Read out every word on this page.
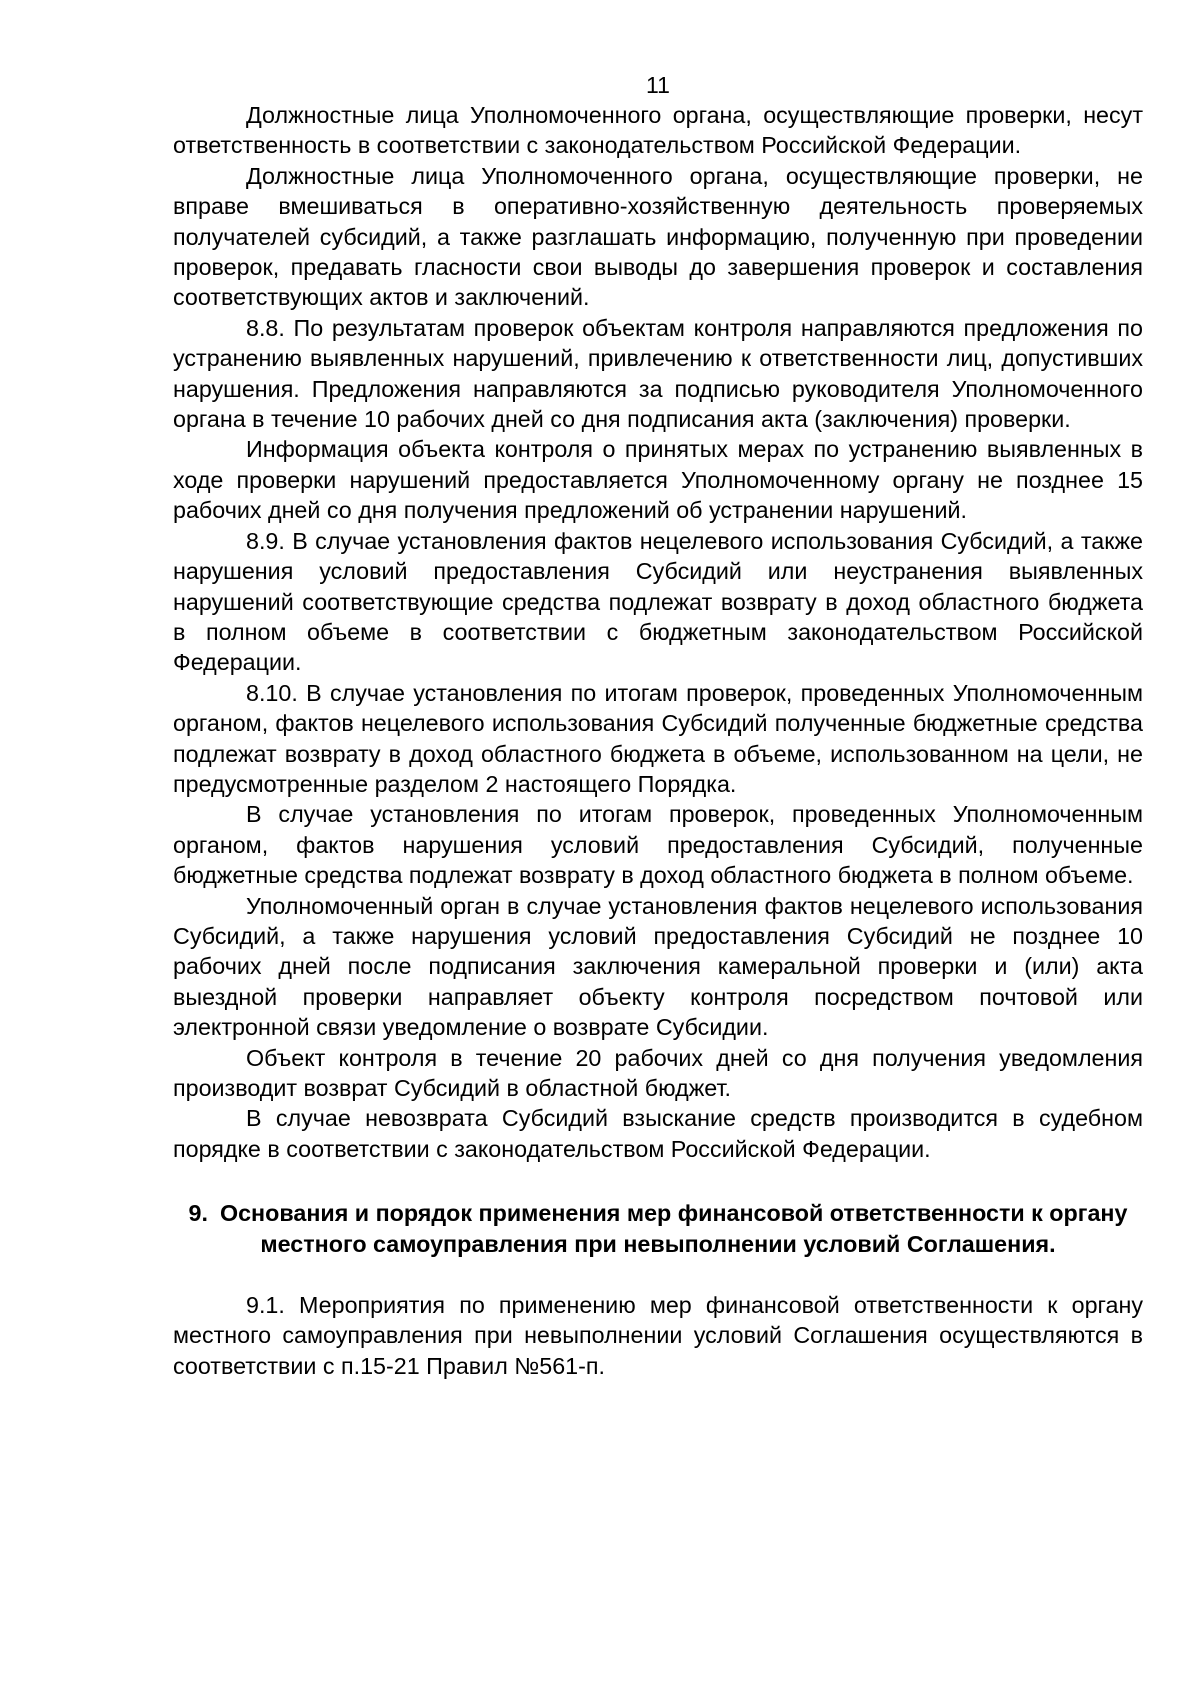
11

Должностные лица Уполномоченного органа, осуществляющие проверки, несут ответственность в соответствии с законодательством Российской Федерации.

Должностные лица Уполномоченного органа, осуществляющие проверки, не вправе вмешиваться в оперативно-хозяйственную деятельность проверяемых получателей субсидий, а также разглашать информацию, полученную при проведении проверок, предавать гласности свои выводы до завершения проверок и составления соответствующих актов и заключений.

8.8. По результатам проверок объектам контроля направляются предложения по устранению выявленных нарушений, привлечению к ответственности лиц, допустивших нарушения. Предложения направляются за подписью руководителя Уполномоченного органа в течение 10 рабочих дней со дня подписания акта (заключения) проверки.

Информация объекта контроля о принятых мерах по устранению выявленных в ходе проверки нарушений предоставляется Уполномоченному органу не позднее 15 рабочих дней со дня получения предложений об устранении нарушений.

8.9. В случае установления фактов нецелевого использования Субсидий, а также нарушения условий предоставления Субсидий или неустранения выявленных нарушений соответствующие средства подлежат возврату в доход областного бюджета в полном объеме в соответствии с бюджетным законодательством Российской Федерации.

8.10. В случае установления по итогам проверок, проведенных Уполномоченным органом, фактов нецелевого использования Субсидий полученные бюджетные средства подлежат возврату в доход областного бюджета в объеме, использованном на цели, не предусмотренные разделом 2 настоящего Порядка.

В случае установления по итогам проверок, проведенных Уполномоченным органом, фактов нарушения условий предоставления Субсидий, полученные бюджетные средства подлежат возврату в доход областного бюджета в полном объеме.

Уполномоченный орган в случае установления фактов нецелевого использования Субсидий, а также нарушения условий предоставления Субсидий не позднее 10 рабочих дней после подписания заключения камеральной проверки и (или) акта выездной проверки направляет объекту контроля посредством почтовой или электронной связи уведомление о возврате Субсидии.

Объект контроля в течение 20 рабочих дней со дня получения уведомления производит возврат Субсидий в областной бюджет.

В случае невозврата Субсидий взыскание средств производится в судебном порядке в соответствии с законодательством Российской Федерации.

9. Основания и порядок применения мер финансовой ответственности к органу местного самоуправления при невыполнении условий Соглашения.

9.1. Мероприятия по применению мер финансовой ответственности к органу местного самоуправления при невыполнении условий Соглашения осуществляются в соответствии с п.15-21 Правил №561-п.
